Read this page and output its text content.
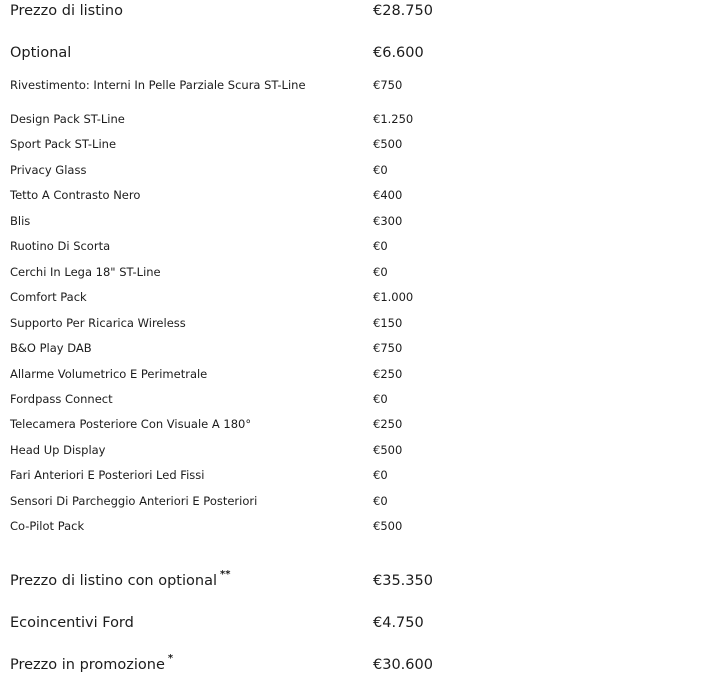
Prezzo di listino	€28.750
Optional	€6.600
Rivestimento: Interni In Pelle Parziale Scura ST-Line	€750
Design Pack ST-Line	€1.250
Sport Pack ST-Line	€500
Privacy Glass	€0
Tetto A Contrasto Nero	€400
Blis	€300
Ruotino Di Scorta	€0
Cerchi In Lega 18" ST-Line	€0
Comfort Pack	€1.000
Supporto Per Ricarica Wireless	€150
B&O Play DAB	€750
Allarme Volumetrico E Perimetrale	€250
Fordpass Connect	€0
Telecamera Posteriore Con Visuale A 180°	€250
Head Up Display	€500
Fari Anteriori E Posteriori Led Fissi	€0
Sensori Di Parcheggio Anteriori E Posteriori	€0
Co-Pilot Pack	€500
Prezzo di listino con optional **	€35.350
Ecoincentivi Ford	€4.750
Prezzo in promozione *	€30.600
